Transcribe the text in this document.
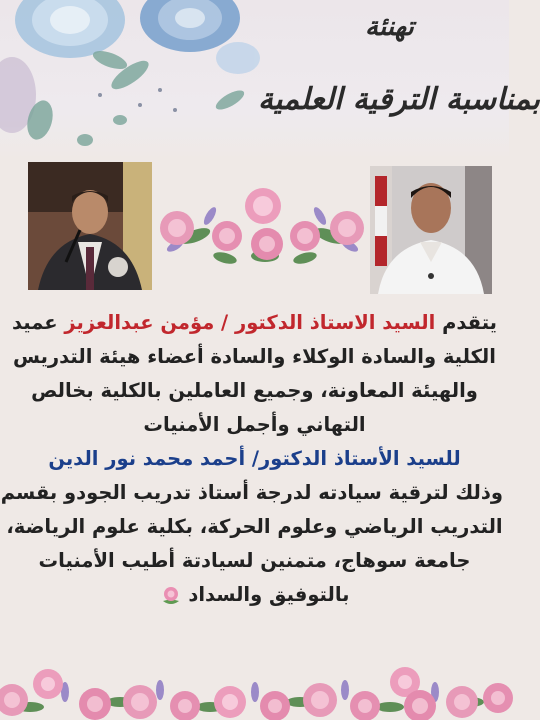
تهنئة
بمناسبة الترقية العلمية
يتقدم السيد الاستاذ الدكتور / مؤمن عبدالعزيز عميد
الكلية والسادة الوكلاء والسادة أعضاء هيئة التدريس
والهيئة المعاونة، وجميع العاملين بالكلية بخالص
التهاني وأجمل الأمنيات
للسيد الأستاذ الدكتور/ أحمد محمد نور الدين
وذلك لترقية سيادته لدرجة أستاذ تدريب الجودو بقسم
التدريب الرياضي وعلوم الحركة، بكلية علوم الرياضة،
جامعة سوهاج، متمنين لسيادتة أطيب الأمنيات
بالتوفيق والسداد
